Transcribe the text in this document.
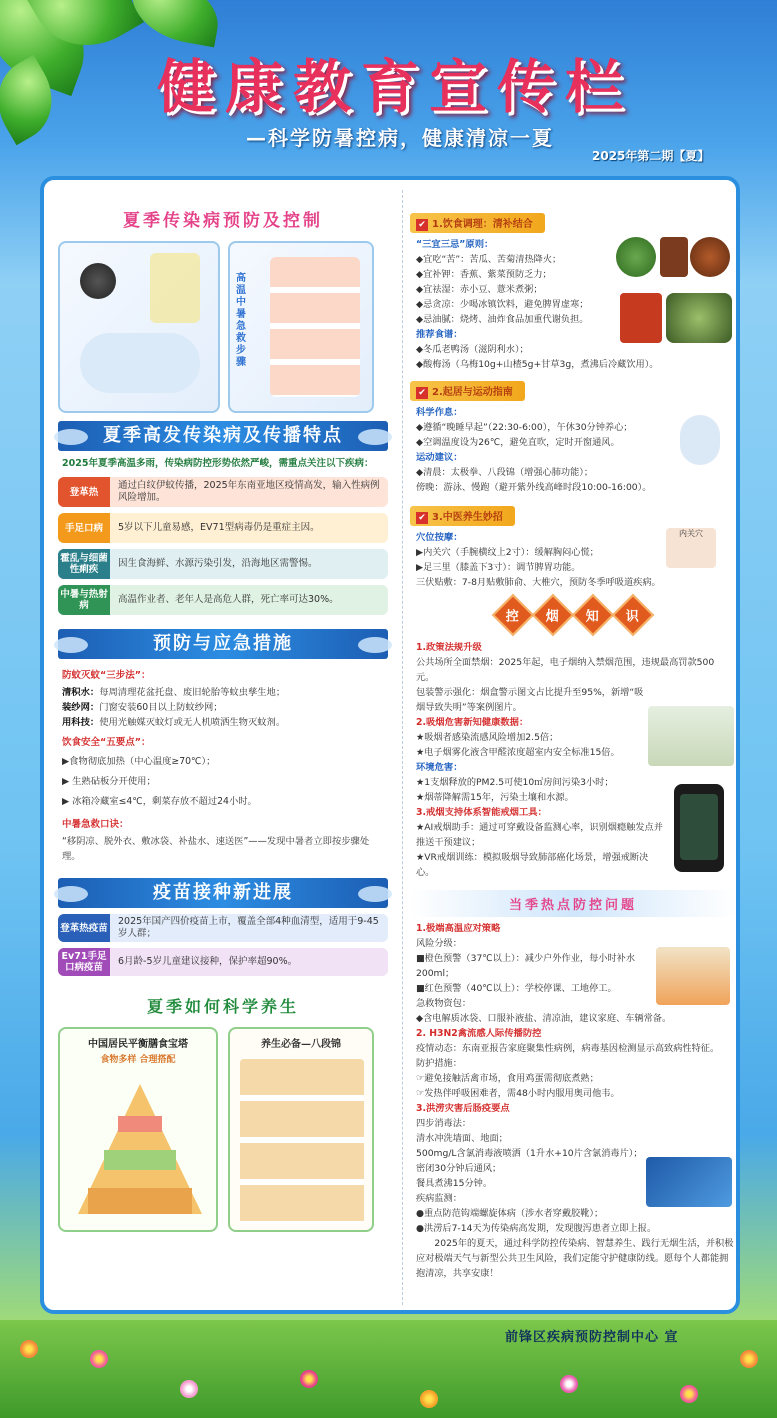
健康教育宣传栏
—科学防暑控病，健康清凉一夏
2025年第二期【夏】
夏季传染病预防及控制
高温中暑急救步骤
夏季高发传染病及传播特点
2025年夏季高温多雨，传染病防控形势依然严峻，需重点关注以下疾病：
登革热
通过白纹伊蚊传播，2025年东南亚地区疫情高发，输入性病例风险增加。
手足口病	5岁以下儿童易感，EV71型病毒仍是重症主因。
霍乱与细菌性痢疾
因生食海鲜、水源污染引发，沿海地区需警惕。
中暑与热射病
高温作业者、老年人是高危人群，死亡率可达30%。
预防与应急措施
防蚊灭蚊“三步法”：
清积水：每周清理花盆托盘、废旧轮胎等蚊虫孳生地；
装纱网：门窗安装60目以上防蚊纱网；
用科技：使用光触媒灭蚊灯或无人机喷洒生物灭蚊剂。
饮食安全“五要点”：
▶食物彻底加热（中心温度≥70℃）；
▶ 生熟砧板分开使用；
▶ 冰箱冷藏室≤4℃，剩菜存放不超过24小时。
中暑急救口诀：
“移阴凉、脱外衣、敷冰袋、补盐水、速送医”——发现中暑者立即按步骤处理。
疫苗接种新进展
登革热疫苗
2025年国产四价疫苗上市，覆盖全部4种血清型，适用于9-45岁人群；
Ev71手足口病疫苗
6月龄-5岁儿童建议接种，保护率超90%。
夏季如何科学养生
中国居民平衡膳食宝塔
食物多样 合理搭配
养生必备—八段锦
✔ 1.饮食调理：清补结合
“三宜三忌”原则：
◆宜吃“苦”：苦瓜、苦菊清热降火；
◆宜补钾：香蕉、紫菜预防乏力；
◆宜祛湿：赤小豆、薏米煮粥；
◆忌贪凉：少喝冰镇饮料，避免脾胃虚寒；
◆忌油腻：烧烤、油炸食品加重代谢负担。
推荐食谱：
◆冬瓜老鸭汤（滋阴利水）；
◆酸梅汤（乌梅10g+山楂5g+甘草3g，煮沸后冷藏饮用）。
✔ 2.起居与运动指南
科学作息：
◆遵循“晚睡早起”（22:30-6:00），午休30分钟养心；
◆空调温度设为26℃，避免直吹，定时开窗通风。
运动建议：
◆清晨：太极拳、八段锦（增强心肺功能）；
傍晚：游泳、慢跑（避开紫外线高峰时段10:00-16:00）。
✔ 3.中医养生妙招
穴位按摩：
▶内关穴（手腕横纹上2寸）：缓解胸闷心慌；
▶足三里（膝盖下3寸）：调节脾胃功能。
三伏贴敷：7-8月贴敷肺俞、大椎穴，预防冬季呼吸道疾病。
内关穴
控 烟 知 识
1.政策法规升级
公共场所全面禁烟：2025年起，电子烟纳入禁烟范围，违规最高罚款500元。
包装警示强化：烟盒警示图文占比提升至95%，新增“吸烟导致失明”等案例图片。
2.吸烟危害新知健康数据：
★吸烟者感染流感风险增加2.5倍；
★电子烟雾化液含甲醛浓度超室内安全标准15倍。
环境危害：
★1支烟释放的PM2.5可使10㎡房间污染3小时；
★烟蒂降解需15年，污染土壤和水源。
3.戒烟支持体系智能戒烟工具：
★AI戒烟助手：通过可穿戴设备监测心率，识别烟瘾触发点并推送干预建议；
★VR戒烟训练：模拟吸烟导致肺部癌化场景，增强戒断决心。
当季热点防控问题
1.极端高温应对策略
风险分级：
■橙色预警（37℃以上）：减少户外作业，每小时补水200ml；
■红色预警（40℃以上）：学校停课、工地停工。
急救物资包：
◆含电解质冰袋、口服补液盐、清凉油，建议家庭、车辆常备。
2. H3N2禽流感人际传播防控
疫情动态：东南亚报告家庭聚集性病例，病毒基因检测显示高致病性特征。
防护措施：
☞避免接触活禽市场，食用鸡蛋需彻底煮熟；
☞发热伴呼吸困难者，需48小时内服用奥司他韦。
3.洪涝灾害后肠疫要点
四步消毒法：
清水冲洗墙面、地面；
500mg/L含氯消毒液喷洒（1升水+10片含氯消毒片）；
密闭30分钟后通风；
餐具煮沸15分钟。
疾病监测：
●重点防范钩端螺旋体病（涉水者穿戴胶靴）；
●洪涝后7-14天为传染病高发期，发现腹泻患者立即上报。
2025年的夏天，通过科学防控传染病、智慧养生、践行无烟生活，并积极应对极端天气与新型公共卫生风险，我们定能守护健康防线。愿每个人都能拥抱清凉，共享安康！
前锋区疾病预防控制中心 宣
